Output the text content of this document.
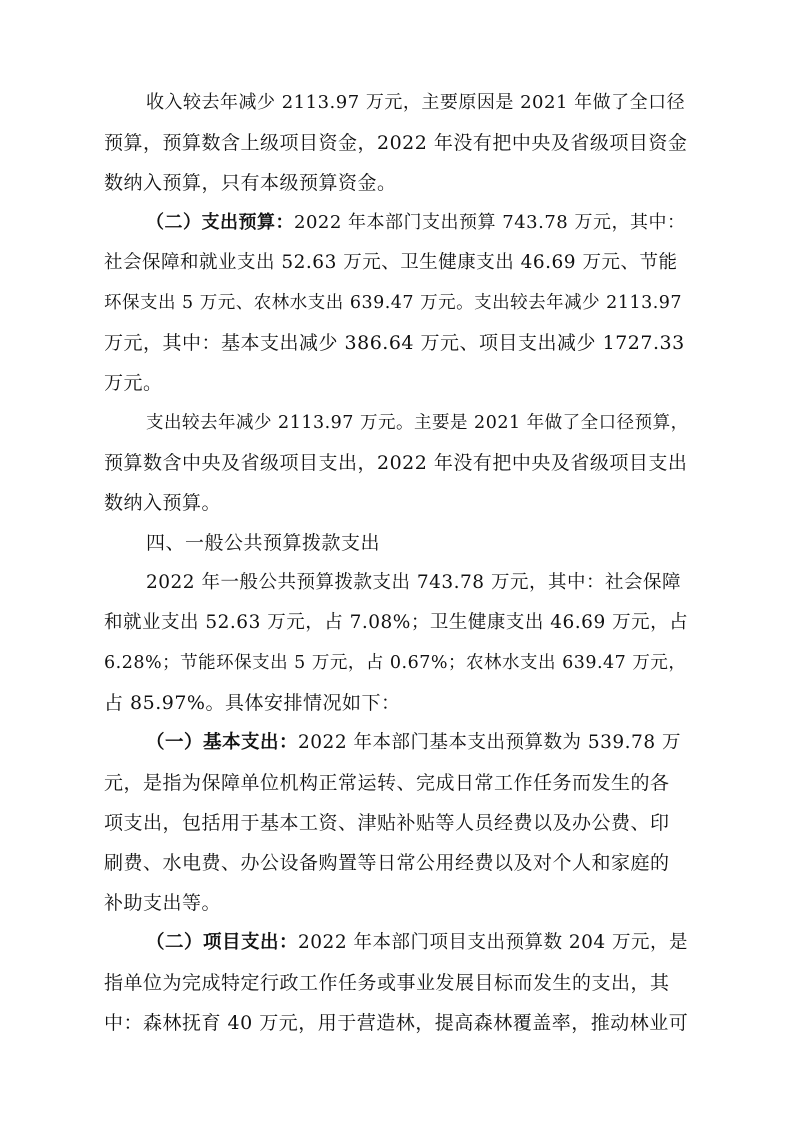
收入较去年减少 2113.97 万元，主要原因是 2021 年做了全口径
预算，预算数含上级项目资金，2022 年没有把中央及省级项目资金
数纳入预算，只有本级预算资金。
（二）支出预算：2022 年本部门支出预算 743.78 万元，其中：
社会保障和就业支出 52.63 万元、卫生健康支出 46.69 万元、节能
环保支出 5 万元、农林水支出 639.47 万元。支出较去年减少 2113.97
万元，其中：基本支出减少 386.64 万元、项目支出减少 1727.33
万元。
支出较去年减少 2113.97 万元。主要是 2021 年做了全口径预算，
预算数含中央及省级项目支出，2022 年没有把中央及省级项目支出
数纳入预算。
四、一般公共预算拨款支出
2022 年一般公共预算拨款支出 743.78 万元，其中：社会保障
和就业支出 52.63 万元，占 7.08%；卫生健康支出 46.69 万元，占
6.28%；节能环保支出 5 万元，占 0.67%；农林水支出 639.47 万元，
占 85.97%。具体安排情况如下：
（一）基本支出：2022 年本部门基本支出预算数为 539.78 万
元，是指为保障单位机构正常运转、完成日常工作任务而发生的各
项支出，包括用于基本工资、津贴补贴等人员经费以及办公费、印
刷费、水电费、办公设备购置等日常公用经费以及对个人和家庭的
补助支出等。
（二）项目支出：2022 年本部门项目支出预算数 204 万元，是
指单位为完成特定行政工作任务或事业发展目标而发生的支出，其
中：森林抚育 40 万元，用于营造林，提高森林覆盖率，推动林业可
